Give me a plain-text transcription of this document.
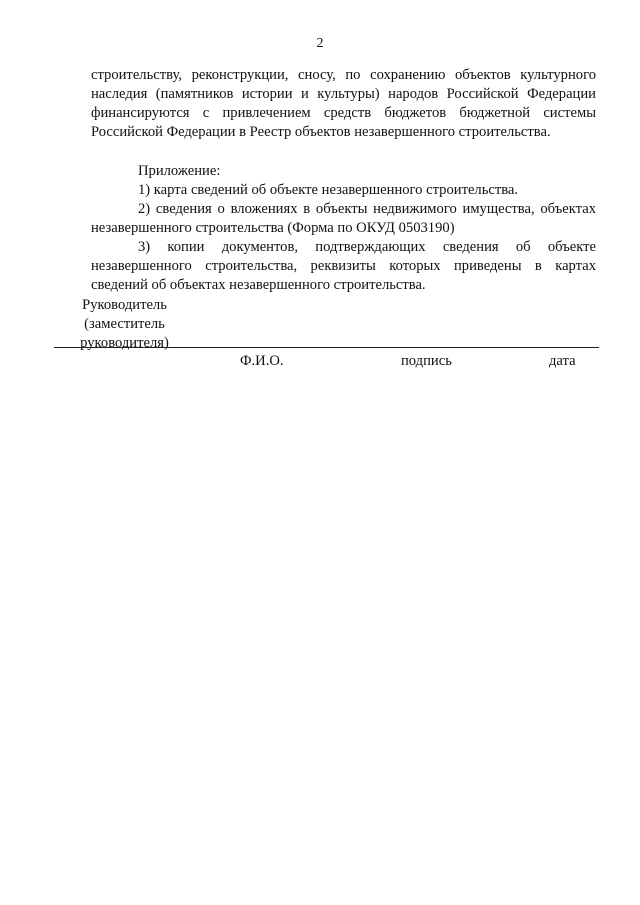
2

строительству, реконструкции, сносу, по сохранению объектов культурного наследия (памятников истории и культуры) народов Российской Федерации финансируются с привлечением средств бюджетов бюджетной системы Российской Федерации в Реестр объектов незавершенного строительства.

Приложение:

1) карта сведений об объекте незавершенного строительства.

2) сведения о вложениях в объекты недвижимого имущества, объектах незавершенного строительства (Форма по ОКУД 0503190)

3) копии документов, подтверждающих сведения об объекте незавершенного строительства, реквизиты которых приведены в картах сведений об объектах незавершенного строительства.

Руководитель
(заместитель
руководителя)
Ф.И.О.	подпись	дата
